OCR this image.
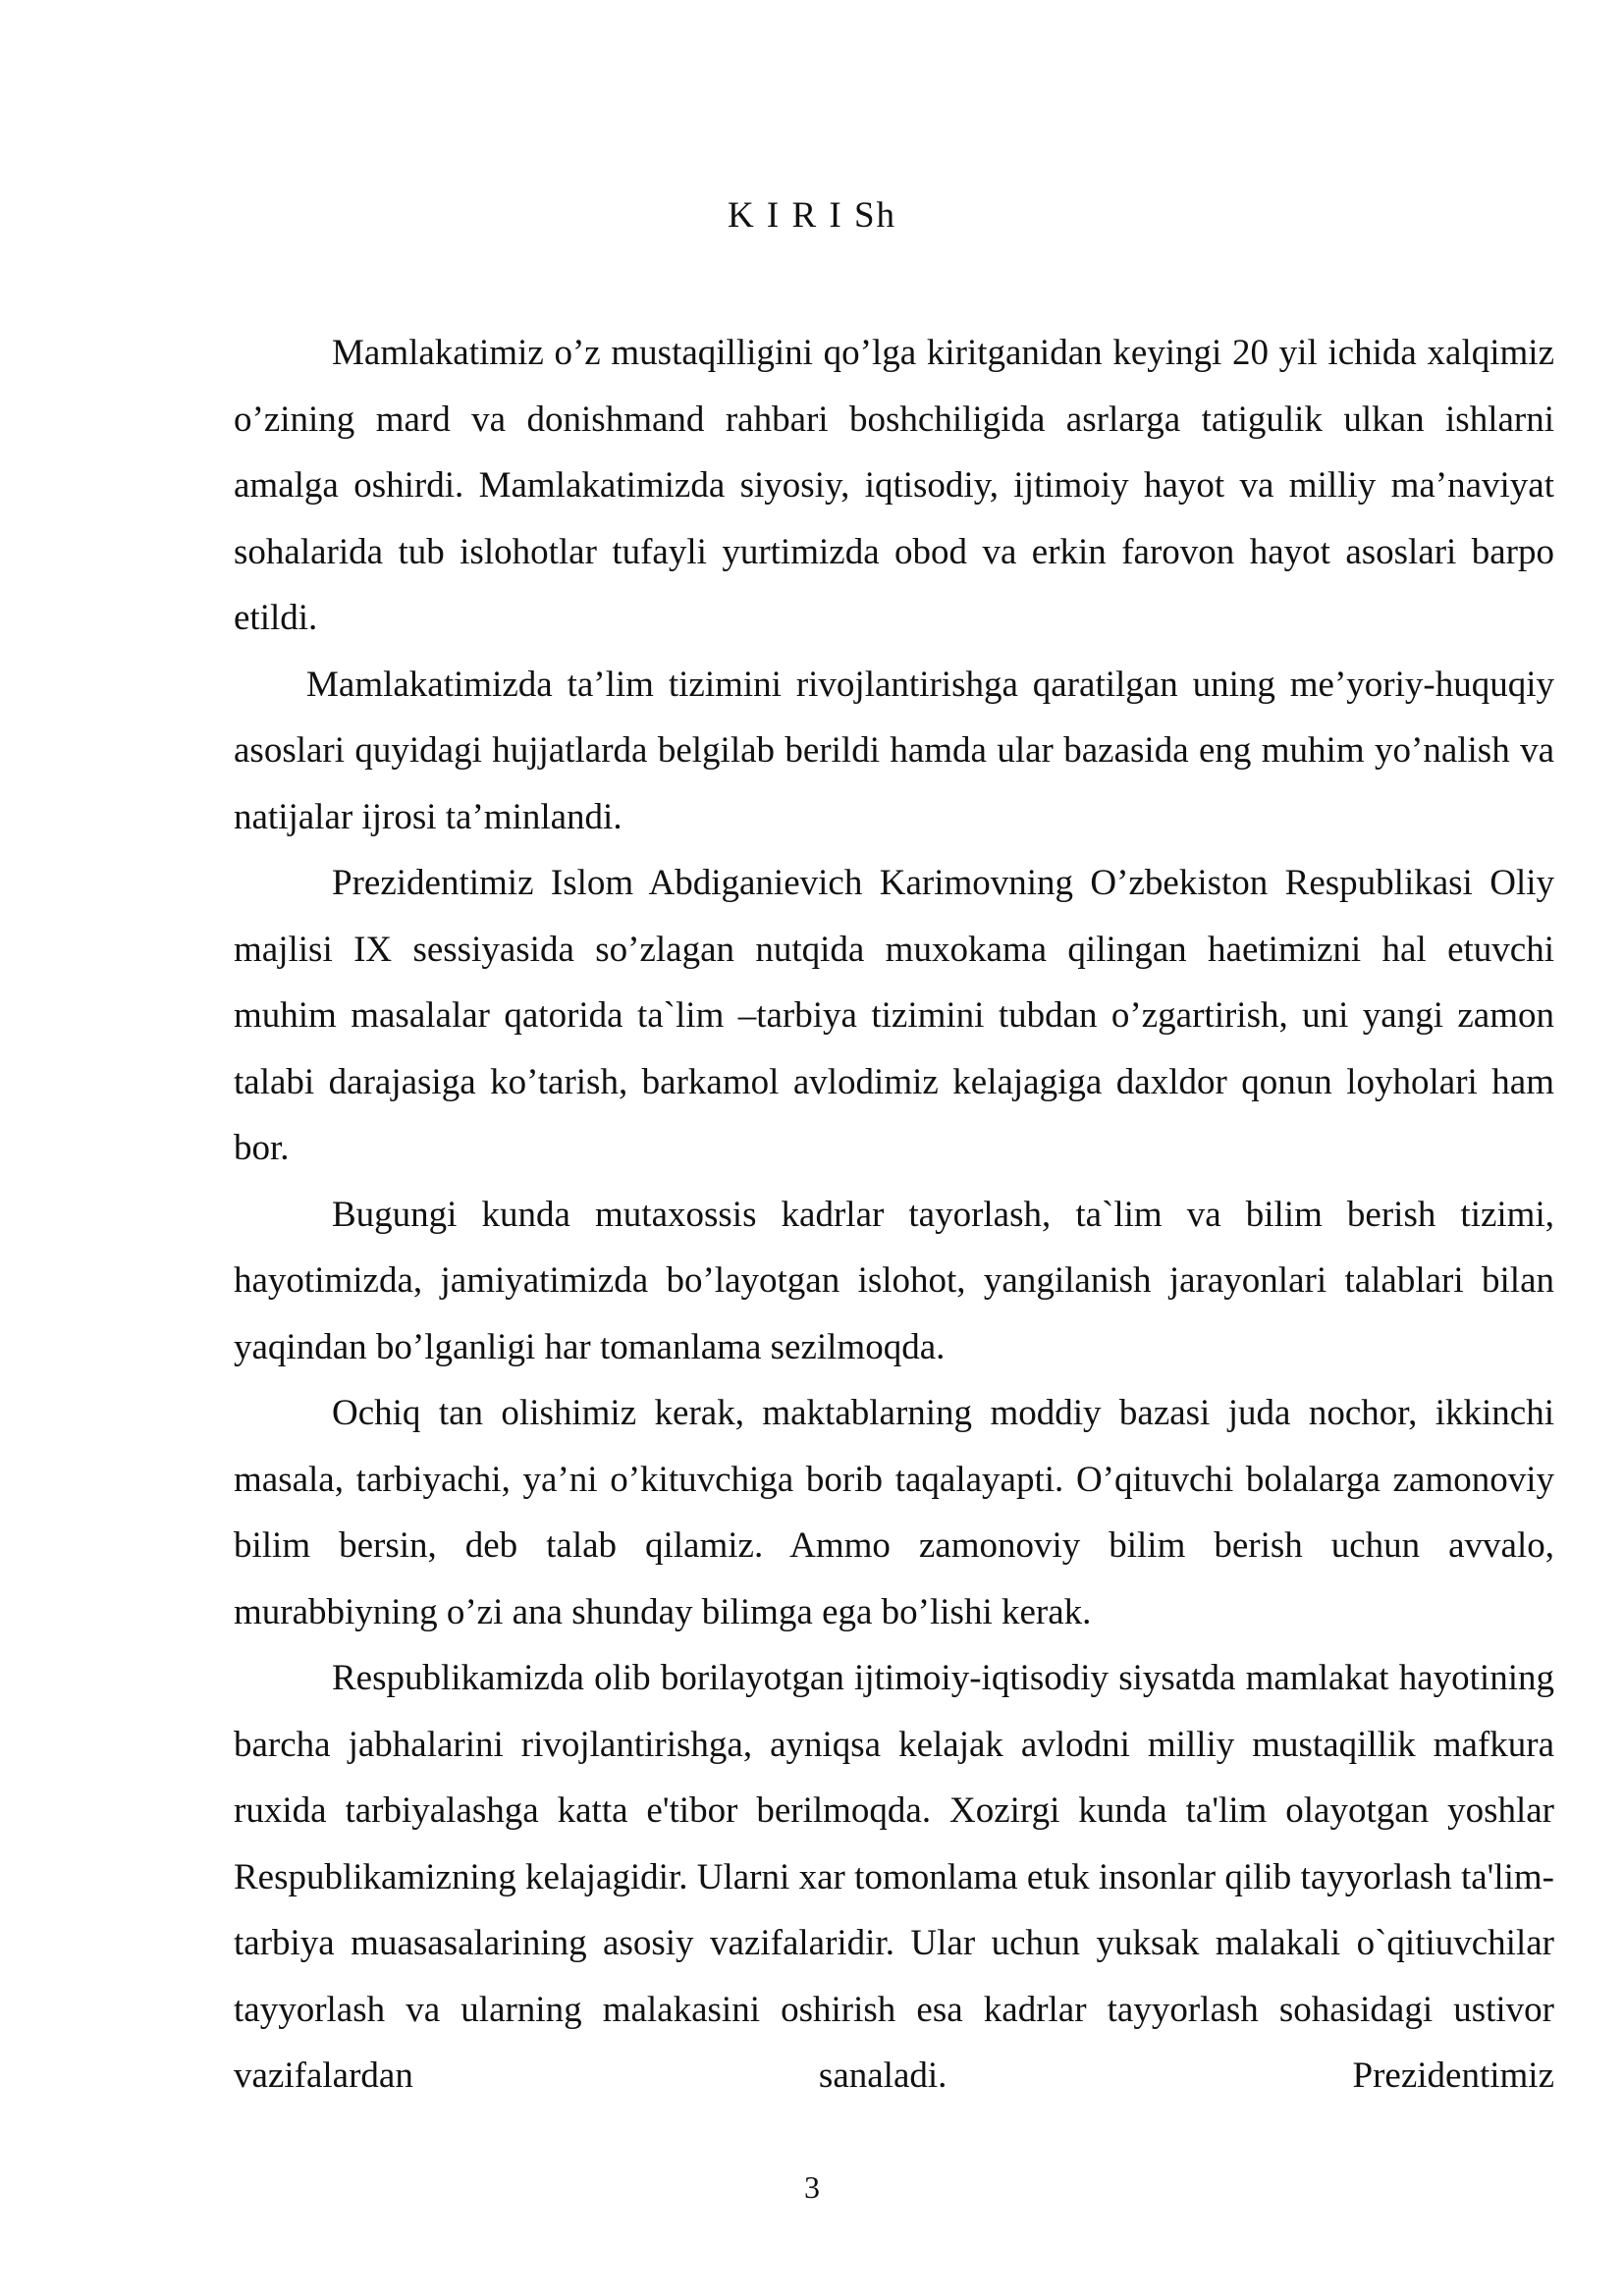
K I R I Sh

Mamlakatimiz o’z mustaqilligini qo’lga kiritganidan keyingi 20 yil ichida xalqimiz o’zining mard va donishmand rahbari boshchiligida asrlarga tatigulik ulkan ishlarni amalga oshirdi. Mamlakatimizda siyosiy, iqtisodiy, ijtimoiy hayot va milliy ma’naviyat sohalarida tub islohotlar tufayli yurtimizda obod va erkin farovon hayot asoslari barpo etildi.

Mamlakatimizda ta’lim tizimini rivojlantirishga qaratilgan uning me’yoriy-huquqiy asoslari quyidagi hujjatlarda belgilab berildi hamda ular bazasida eng muhim yo’nalish va natijalar ijrosi ta’minlandi.

Prezidentimiz Islom Abdiganievich Karimovning O’zbekiston Respublikasi Oliy majlisi IX sessiyasida so’zlagan nutqida muxokama qilingan haetimizni hal etuvchi muhim masalalar qatorida ta`lim –tarbiya tizimini tubdan o’zgartirish, uni yangi zamon talabi darajasiga ko’tarish, barkamol avlodimiz kelajagiga daxldor qonun loyholari ham bor.

Bugungi kunda mutaxossis kadrlar tayorlash, ta`lim va bilim berish tizimi, hayotimizda, jamiyatimizda bo’layotgan islohot, yangilanish jarayonlari talablari bilan yaqindan bo’lganligi har tomanlama sezilmoqda.

Ochiq tan olishimiz kerak, maktablarning moddiy bazasi juda nochor, ikkinchi masala, tarbiyachi, ya’ni o’kituvchiga borib taqalayapti. O’qituvchi bolalarga zamonoviy bilim bersin, deb talab qilamiz. Ammo zamonoviy bilim berish uchun avvalo, murabbiyning o’zi ana shunday bilimga ega bo’lishi kerak.

Respublikamizda olib borilayotgan ijtimoiy-iqtisodiy siysatda mamlakat hayotining barcha jabhalarini rivojlantirishga, ayniqsa kelajak avlodni milliy mustaqillik mafkura ruxida tarbiyalashga katta e'tibor berilmoqda. Xozirgi kunda ta'lim olayotgan yoshlar Respublikamizning kelajagidir. Ularni xar tomonlama etuk insonlar qilib tayyorlash ta'lim-tarbiya muasasalarining asosiy vazifalaridir. Ular uchun yuksak malakali o`qitiuvchilar tayyorlash va ularning malakasini oshirish esa kadrlar tayyorlash sohasidagi ustivor vazifalardan sanaladi. Prezidentimiz

3
